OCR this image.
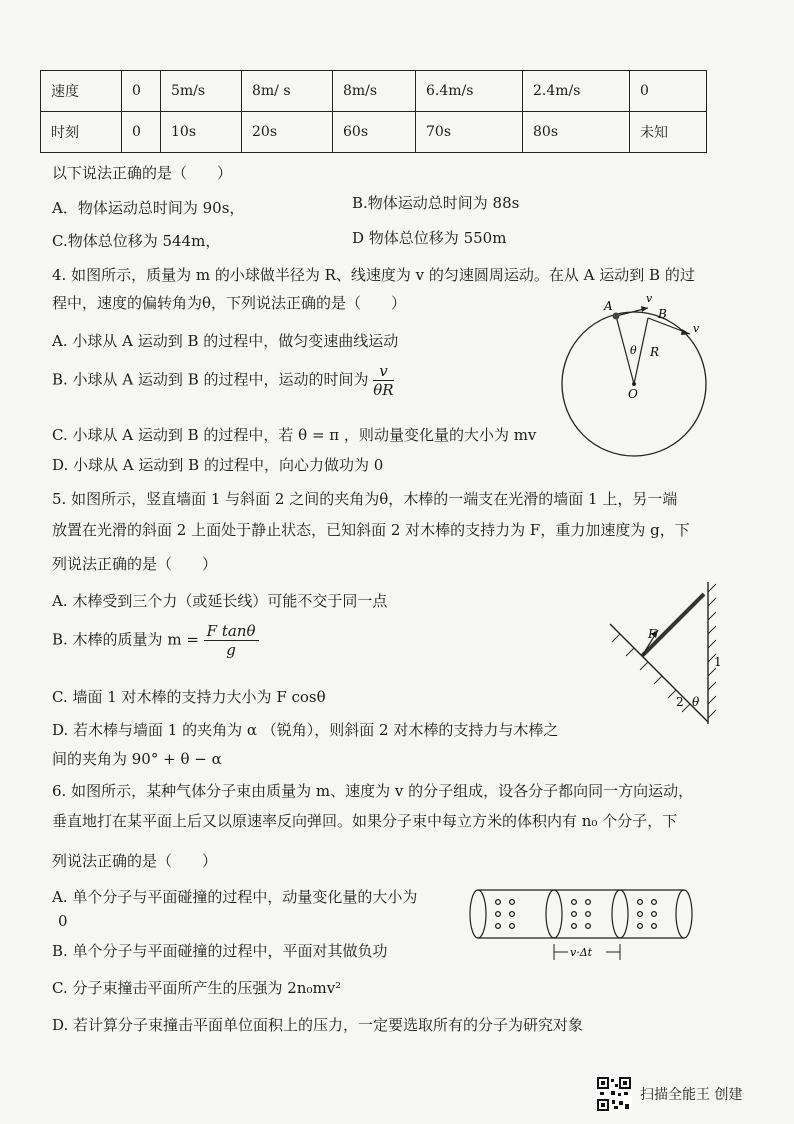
速度	0	5m/s	8m/ s	8m/s	6.4m/s	2.4m/s	0
时刻	0	10s	20s	60s	70s	80s	未知
以下说法正确的是（　　）
A．物体运动总时间为 90s，	B.物体运动总时间为 88s
C.物体总位移为 544m，	D 物体总位移为 550m
4. 如图所示，质量为 m 的小球做半径为 R、线速度为 v 的匀速圆周运动。在从 A 运动到 B 的过
程中，速度的偏转角为θ，下列说法正确的是（　　）
A. 小球从 A 运动到 B 的过程中，做匀变速曲线运动
B. 小球从 A 运动到 B 的过程中，运动的时间为 $\frac{v}{\theta R}$
C. 小球从 A 运动到 B 的过程中，若 θ = π ，则动量变化量的大小为 mv
D. 小球从 A 运动到 B 的过程中，向心力做功为 0
A
v
B
v
θ R
O
5. 如图所示，竖直墙面 1 与斜面 2 之间的夹角为θ，木棒的一端支在光滑的墙面 1 上，另一端
放置在光滑的斜面 2 上面处于静止状态，已知斜面 2 对木棒的支持力为 F，重力加速度为 g，下
列说法正确的是（　　）
A. 木棒受到三个力（或延长线）可能不交于同一点
B. 木棒的质量为 $m = \frac{\text{F tanθ}}{g}$
C. 墙面 1 对木棒的支持力大小为 F cosθ
D. 若木棒与墙面 1 的夹角为 α （锐角），则斜面 2 对木棒的支持力与木棒之
间的夹角为 90° + θ − α
F
1
2 θ
6. 如图所示，某种气体分子束由质量为 m、速度为 v 的分子组成，设各分子都向同一方向运动，
垂直地打在某平面上后又以原速率反向弹回。如果分子束中每立方米的体积内有 n₀ 个分子，下
列说法正确的是（　　）
A. 单个分子与平面碰撞的过程中，动量变化量的大小为
0
B. 单个分子与平面碰撞的过程中，平面对其做负功
C. 分子束撞击平面所产生的压强为 2n₀mv²
D. 若计算分子束撞击平面单位面积上的压力，一定要选取所有的分子为研究对象
v·Δt
扫描全能王 创建
